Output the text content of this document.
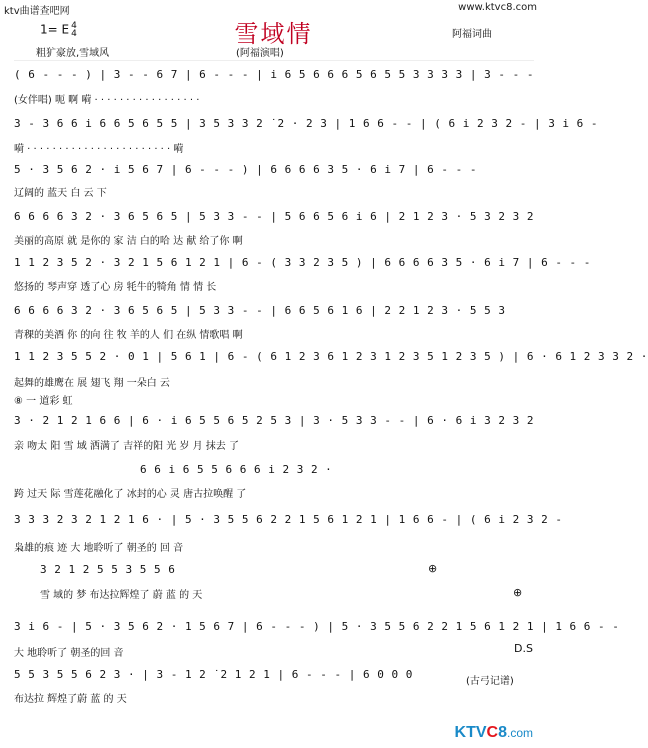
ktv曲谱查吧网	www.ktvc8.com
雪域情
1= E 4
4	阿福词曲
粗犷豪放,雪域风	(阿福演唱)
( 6 - - - ) | 3 - - 6 7 | 6 - - - | i 6 5 6 6 6 5 6 5 5 3 3 3 3 | 3 - - -
(女伴唱) 呃 啊 嗬 · · · · · · · · · · · · · · · · ·
3 - 3 6 6 i 6 6 5 6 5 5 | 3 5 3 3 2 ˙2 · 2 3 | 1 6 6 - - | ( 6 i 2 3 2 - | 3 i 6 -
嗬 · · · · · · · · · · · · · · · · · · · · · · · 嗬
5 · 3 5 6 2 · i 5 6 7 | 6 - - - ) | 6 6 6 6 3 5 · 6 i 7 | 6 - - -
辽阔的 蓝天 白 云 下
6 6 6 6 3 2 · 3 6 5 6 5 | 5 3 3 - - | 5 6 6 5 6 i 6 | 2 1 2 3 · 5 3 2 3 2
美丽的高原 就 是你的 家 洁 白的哈 达 献 给了你 啊
1 1 2 3 5 2 · 3 2 1 5 6 1 2 1 | 6 - ( 3 3 2 3 5 ) | 6 6 6 6 3 5 · 6 i 7 | 6 - - -
悠扬的 琴声穿 透了心 房 牦牛的犄角 情 情 长
6 6 6 6 3 2 · 3 6 5 6 5 | 5 3 3 - - | 6 6 5 6 1 6 | 2 2 1 2 3 · 5 5 3
青稞的美酒 你 的向 往 牧 羊的人 们 在纵 情歌唱 啊
1 1 2 3 5 5 2 · 0 1 | 5 6 1 | 6 - ( 6 1 2 3 6 1 2 3 1 2 3 5 1 2 3 5 ) | 6 · 6 1 2 3 3 2 ·
起舞的雄鹰在 展 翅飞 翔 一朵白 云
⑧ 一 道彩 虹
3 · 2 1 2 1 6 6 | 6 · i 6 5 5 6 5 2 5 3 | 3 · 5 3 3 - - | 6 · 6 i 3 2 3 2
亲 吻太 阳 雪 域 洒满了 吉祥的阳 光 岁 月 抹去 了
6 6 i 6 5 5 6 6 6 i 2 3 2 ·
跨 过天 际 雪莲花融化了 冰封的心 灵 唐古拉唤醒 了
3 3 3 2 3 2 1 2 1 6 · | 5 · 3 5 5 6 2 2 1 5 6 1 2 1 | 1 6 6 - | ( 6 i 2 3 2 -
枭雄的痕 迹 大 地聆听了 朝圣的 回 音
3 2 1 2 5 5 3 5 5 6
雪 域的 梦 布达拉辉煌了 蔚 蓝 的 天
⊕
⊕
3 i 6 - | 5 · 3 5 6 2 · 1 5 6 7 | 6 - - - ) | 5 · 3 5 5 6 2 2 1 5 6 1 2 1 | 1 6 6 - -
大 地聆听了 朝圣的回 音	D.S
5 5 3 5 5 6 2 3 · | 3 - 1 2 ˙2 1 2 1 | 6 - - - | 6 0 0 0
布达拉 辉煌了蔚 蓝 的 天
(古弓记谱)
KTVC8.com
